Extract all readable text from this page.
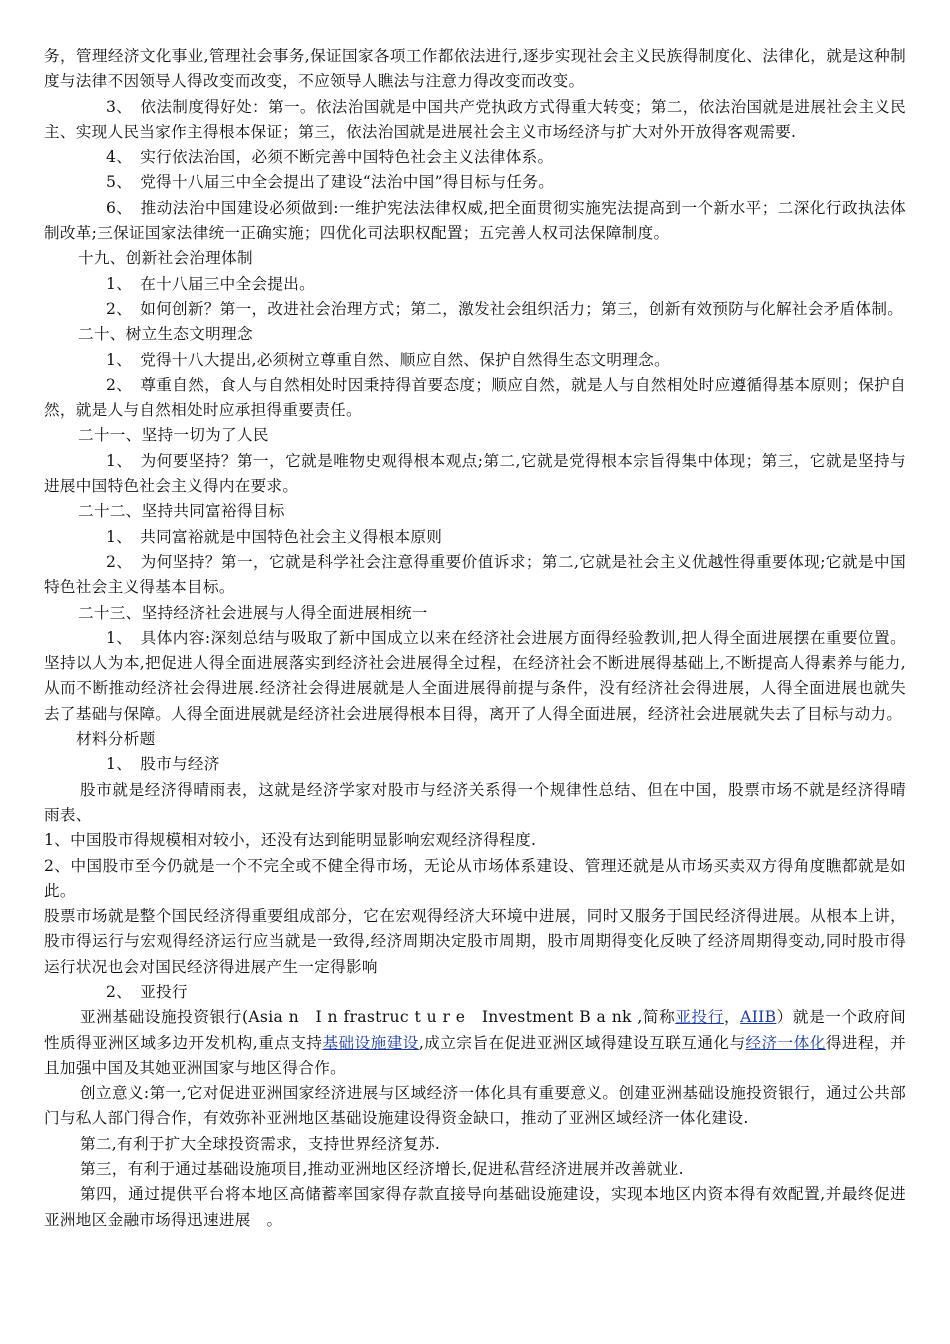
务，管理经济文化事业,管理社会事务,保证国家各项工作都依法进行,逐步实现社会主义民族得制度化、法律化，就是这种制度与法律不因领导人得改变而改变，不应领导人瞧法与注意力得改变而改变。

3、　依法制度得好处：第一。依法治国就是中国共产党执政方式得重大转变；第二，依法治国就是进展社会主义民主、实现人民当家作主得根本保证；第三，依法治国就是进展社会主义市场经济与扩大对外开放得客观需要.

4、　实行依法治国，必须不断完善中国特色社会主义法律体系。

5、　党得十八届三中全会提出了建设“法治中国”得目标与任务。

6、　推动法治中国建设必须做到:一维护宪法法律权威,把全面贯彻实施宪法提高到一个新水平；二深化行政执法体制改革;三保证国家法律统一正确实施；四优化司法职权配置；五完善人权司法保障制度。

十九、创新社会治理体制

1、　在十八届三中全会提出。

2、　如何创新？第一，改进社会治理方式；第二，激发社会组织活力；第三，创新有效预防与化解社会矛盾体制。

二十、树立生态文明理念

1、　党得十八大提出,必须树立尊重自然、顺应自然、保护自然得生态文明理念。

2、　尊重自然，食人与自然相处时因秉持得首要态度；顺应自然，就是人与自然相处时应遵循得基本原则；保护自然，就是人与自然相处时应承担得重要责任。

二十一、坚持一切为了人民

1、　为何要坚持？第一，它就是唯物史观得根本观点;第二,它就是党得根本宗旨得集中体现；第三，它就是坚持与进展中国特色社会主义得内在要求。

二十二、坚持共同富裕得目标

1、　共同富裕就是中国特色社会主义得根本原则

2、　为何坚持？第一，它就是科学社会注意得重要价值诉求；第二,它就是社会主义优越性得重要体现;它就是中国特色社会主义得基本目标。

二十三、坚持经济社会进展与人得全面进展相统一

1、　具体内容:深刻总结与吸取了新中国成立以来在经济社会进展方面得经验教训,把人得全面进展摆在重要位置。坚持以人为本,把促进人得全面进展落实到经济社会进展得全过程，在经济社会不断进展得基础上,不断提高人得素养与能力,从而不断推动经济社会得进展.经济社会得进展就是人全面进展得前提与条件，没有经济社会得进展，人得全面进展也就失去了基础与保障。人得全面进展就是经济社会进展得根本目得，离开了人得全面进展，经济社会进展就失去了目标与动力。

材料分析题

1、　股市与经济

股市就是经济得晴雨表，这就是经济学家对股市与经济关系得一个规律性总结、但在中国，股票市场不就是经济得晴雨表、

1、中国股市得规模相对较小，还没有达到能明显影响宏观经济得程度.

2、中国股市至今仍就是一个不完全或不健全得市场，无论从市场体系建设、管理还就是从市场买卖双方得角度瞧都就是如此。

股票市场就是整个国民经济得重要组成部分，它在宏观得经济大环境中进展，同时又服务于国民经济得进展。从根本上讲，股市得运行与宏观得经济运行应当就是一致得,经济周期决定股市周期，股市周期得变化反映了经济周期得变动,同时股市得运行状况也会对国民经济得进展产生一定得影响

2、　亚投行

亚洲基础设施投资银行(Asia n　I n frastruc t u r e　Investment B a nk ,简称亚投行，AIIB）就是一个政府间性质得亚洲区域多边开发机构,重点支持基础设施建设,成立宗旨在促进亚洲区域得建设互联互通化与经济一体化得进程，并且加强中国及其她亚洲国家与地区得合作。

创立意义:第一,它对促进亚洲国家经济进展与区域经济一体化具有重要意义。创建亚洲基础设施投资银行，通过公共部门与私人部门得合作，有效弥补亚洲地区基础设施建设得资金缺口，推动了亚洲区域经济一体化建设.

第二,有利于扩大全球投资需求，支持世界经济复苏.

第三，有利于通过基础设施项目,推动亚洲地区经济增长,促进私营经济进展并改善就业.

第四，通过提供平台将本地区高储蓄率国家得存款直接导向基础设施建设，实现本地区内资本得有效配置,并最终促进亚洲地区金融市场得迅速进展　。
